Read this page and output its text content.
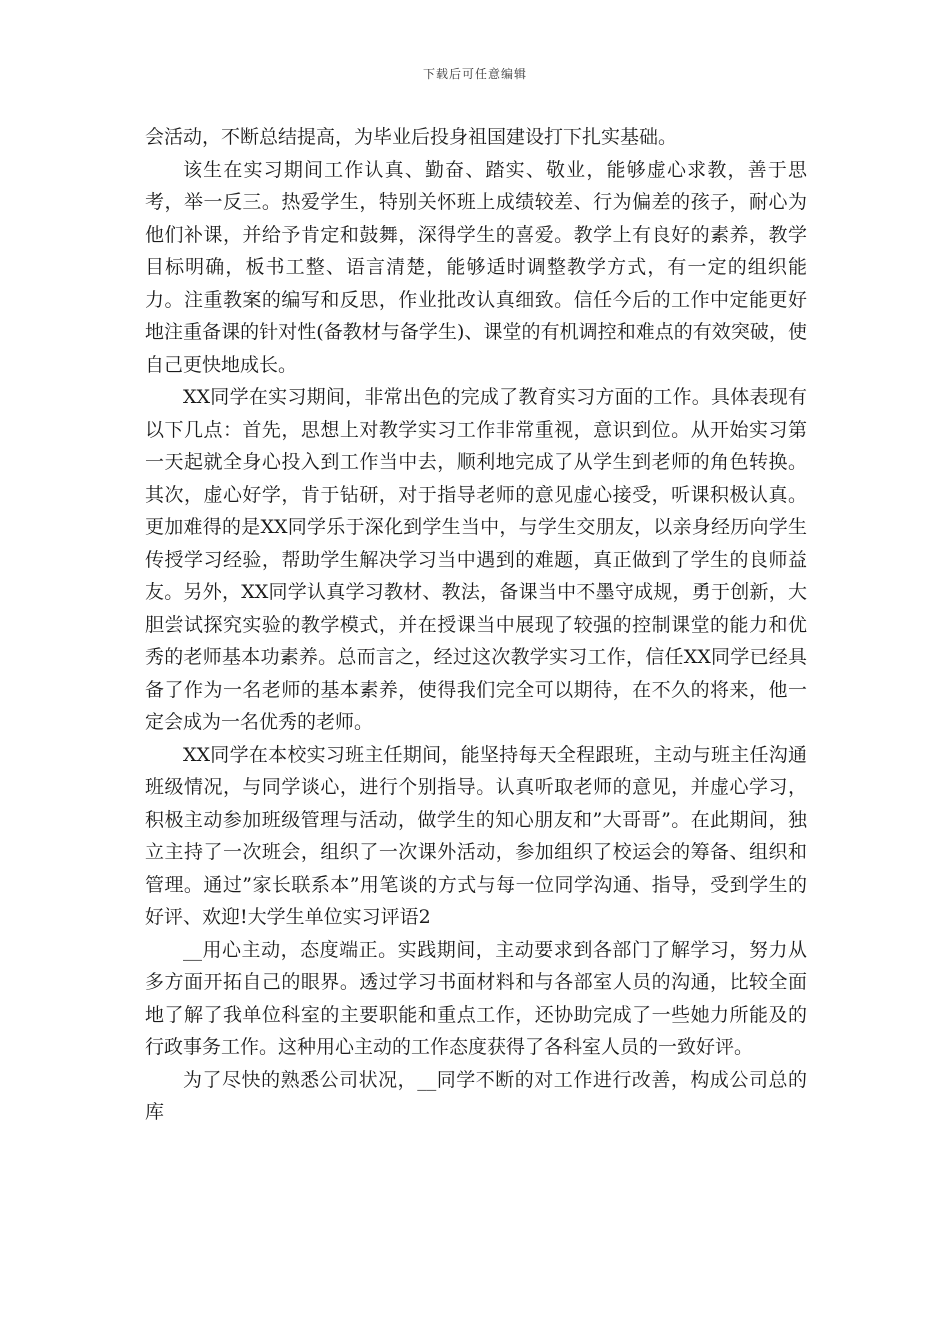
下载后可任意编辑

会活动，不断总结提高，为毕业后投身祖国建设打下扎实基础。

该生在实习期间工作认真、勤奋、踏实、敬业，能够虚心求教，善于思考，举一反三。热爱学生，特别关怀班上成绩较差、行为偏差的孩子，耐心为他们补课，并给予肯定和鼓舞，深得学生的喜爱。教学上有良好的素养，教学目标明确，板书工整、语言清楚，能够适时调整教学方式，有一定的组织能力。注重教案的编写和反思，作业批改认真细致。信任今后的工作中定能更好地注重备课的针对性(备教材与备学生)、课堂的有机调控和难点的有效突破，使自己更快地成长。

XX同学在实习期间，非常出色的完成了教育实习方面的工作。具体表现有以下几点：首先，思想上对教学实习工作非常重视，意识到位。从开始实习第一天起就全身心投入到工作当中去，顺利地完成了从学生到老师的角色转换。其次，虚心好学，肯于钻研，对于指导老师的意见虚心接受，听课积极认真。更加难得的是XX同学乐于深化到学生当中，与学生交朋友，以亲身经历向学生传授学习经验，帮助学生解决学习当中遇到的难题，真正做到了学生的良师益友。另外，XX同学认真学习教材、教法，备课当中不墨守成规，勇于创新，大胆尝试探究实验的教学模式，并在授课当中展现了较强的控制课堂的能力和优秀的老师基本功素养。总而言之，经过这次教学实习工作，信任XX同学已经具备了作为一名老师的基本素养，使得我们完全可以期待，在不久的将来，他一定会成为一名优秀的老师。

XX同学在本校实习班主任期间，能坚持每天全程跟班，主动与班主任沟通班级情况，与同学谈心，进行个别指导。认真听取老师的意见，并虚心学习，积极主动参加班级管理与活动，做学生的知心朋友和”大哥哥”。在此期间，独立主持了一次班会，组织了一次课外活动，参加组织了校运会的筹备、组织和管理。通过”家长联系本”用笔谈的方式与每一位同学沟通、指导，受到学生的好评、欢迎!大学生单位实习评语2

__用心主动，态度端正。实践期间，主动要求到各部门了解学习，努力从多方面开拓自己的眼界。透过学习书面材料和与各部室人员的沟通，比较全面地了解了我单位科室的主要职能和重点工作，还协助完成了一些她力所能及的行政事务工作。这种用心主动的工作态度获得了各科室人员的一致好评。

为了尽快的熟悉公司状况，__同学不断的对工作进行改善，构成公司总的库
